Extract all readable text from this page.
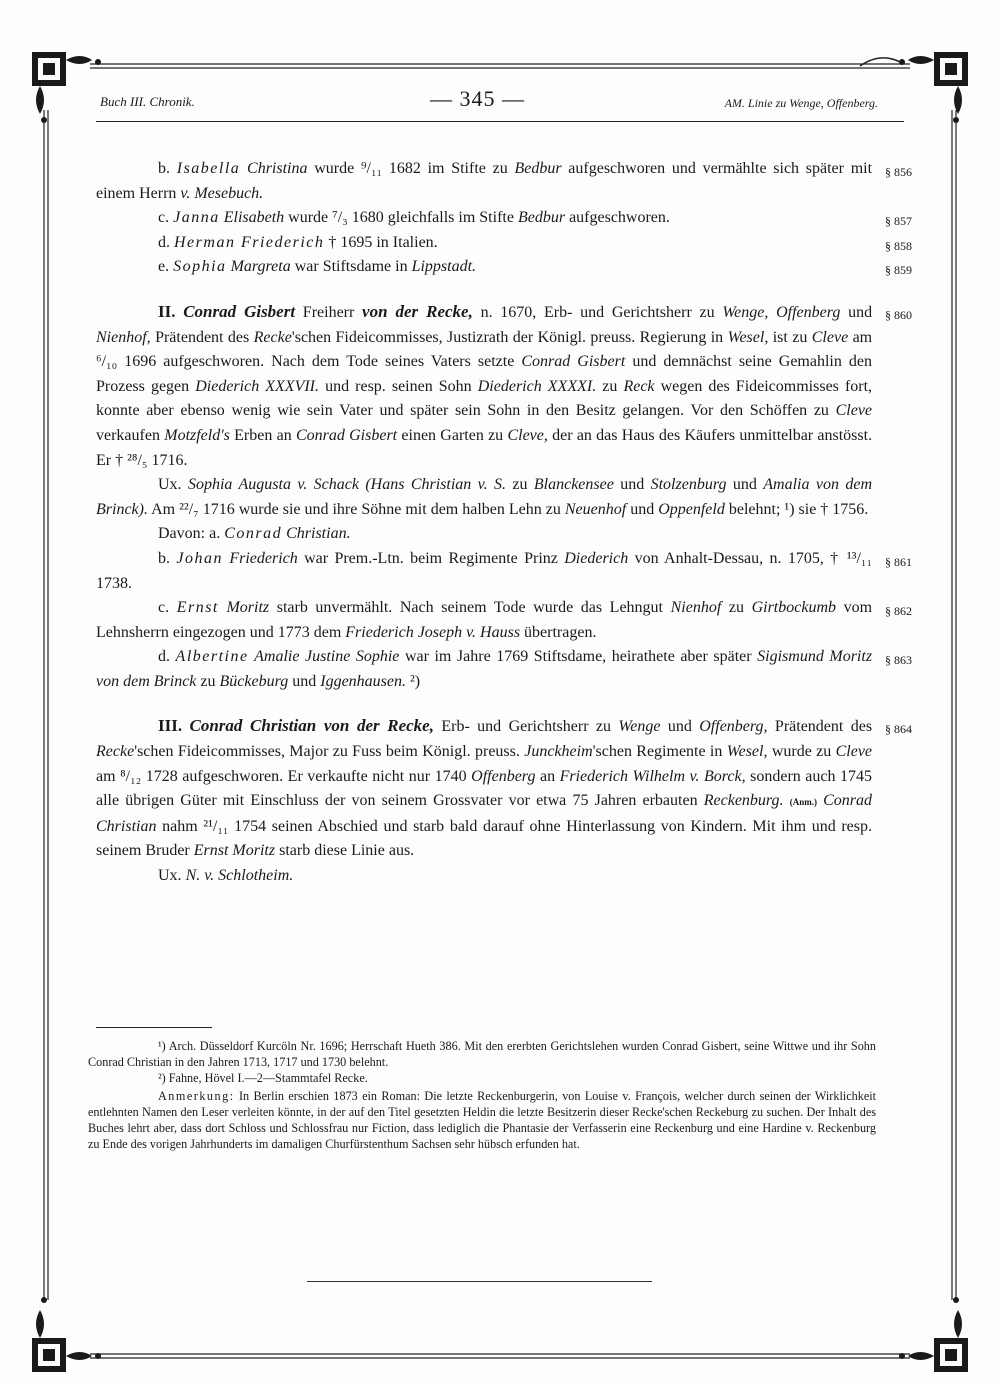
Buch III. Chronik.	— 345 —	AM. Linie zu Wenge, Offenberg.

b. Isabella Christina wurde ⁹/₁₁ 1682 im Stifte zu Bedbur aufgeschworen und vermählte sich später mit einem Herrn v. Mesebuch.
§ 856

c. Janna Elisabeth wurde ⁷/₃ 1680 gleichfalls im Stifte Bedbur aufgeschworen.	§ 857

d. Herman Friederich † 1695 in Italien.	§ 858

e. Sophia Margreta war Stiftsdame in Lippstadt.	§ 859

II. Conrad Gisbert Freiherr von der Recke, n. 1670, Erb- und Gerichtsherr zu Wenge, Offenberg und Nienhof, Prätendent des Recke'schen Fideicommisses, Justizrath der Königl. preuss. Regierung in Wesel, ist zu Cleve am ⁶/₁₀ 1696 aufgeschworen. Nach dem Tode seines Vaters setzte Conrad Gisbert und demnächst seine Gemahlin den Prozess gegen Diederich XXXVII. und resp. seinen Sohn Diederich XXXXI. zu Reck wegen des Fideicommisses fort, konnte aber ebenso wenig wie sein Vater und später sein Sohn in den Besitz gelangen. Vor den Schöffen zu Cleve verkaufen Motzfeld's Erben an Conrad Gisbert einen Garten zu Cleve, der an das Haus des Käufers unmittelbar anstösst. Er † ²⁸/₅ 1716.
§ 860

Ux. Sophia Augusta v. Schack (Hans Christian v. S. zu Blanckensee und Stolzenburg und Amalia von dem Brinck). Am ²²/₇ 1716 wurde sie und ihre Söhne mit dem halben Lehn zu Neuenhof und Oppenfeld belehnt; ¹) sie † 1756.

Davon: a. Conrad Christian.

b. Johan Friederich war Prem.-Ltn. beim Regimente Prinz Diederich von Anhalt-Dessau, n. 1705, † ¹³/₁₁ 1738.
§ 861

c. Ernst Moritz starb unvermählt. Nach seinem Tode wurde das Lehngut Nienhof zu Girtbockumb vom Lehnsherrn eingezogen und 1773 dem Friederich Joseph v. Hauss übertragen.
§ 862

d. Albertine Amalie Justine Sophie war im Jahre 1769 Stiftsdame, heirathete aber später Sigismund Moritz von dem Brinck zu Bückeburg und Iggenhausen. ²)
§ 863

III. Conrad Christian von der Recke, Erb- und Gerichtsherr zu Wenge und Offenberg, Prätendent des Recke'schen Fideicommisses, Major zu Fuss beim Königl. preuss. Junckheim'schen Regimente in Wesel, wurde zu Cleve am ⁸/₁₂ 1728 aufgeschworen. Er verkaufte nicht nur 1740 Offenberg an Friederich Wilhelm v. Borck, sondern auch 1745 alle übrigen Güter mit Einschluss der von seinem Grossvater vor etwa 75 Jahren erbauten Reckenburg. (Anm.) Conrad Christian nahm ²¹/₁₁ 1754 seinen Abschied und starb bald darauf ohne Hinterlassung von Kindern. Mit ihm und resp. seinem Bruder Ernst Moritz starb diese Linie aus.
§ 864

Ux. N. v. Schlotheim.

¹) Arch. Düsseldorf Kurcöln Nr. 1696; Herrschaft Hueth 386. Mit den ererbten Gerichtslehen wurden Conrad Gisbert, seine Wittwe und ihr Sohn Conrad Christian in den Jahren 1713, 1717 und 1730 belehnt.

²) Fahne, Hövel I.—2—Stammtafel Recke.

Anmerkung: In Berlin erschien 1873 ein Roman: Die letzte Reckenburgerin, von Louise v. François, welcher durch seinen der Wirklichkeit entlehnten Namen den Leser verleiten könnte, in der auf den Titel gesetzten Heldin die letzte Besitzerin dieser Recke'schen Reckeburg zu suchen. Der Inhalt des Buches lehrt aber, dass dort Schloss und Schlossfrau nur Fiction, dass lediglich die Phantasie der Verfasserin eine Reckenburg und eine Hardine v. Reckenburg zu Ende des vorigen Jahrhunderts im damaligen Churfürstenthum Sachsen sehr hübsch erfunden hat.
